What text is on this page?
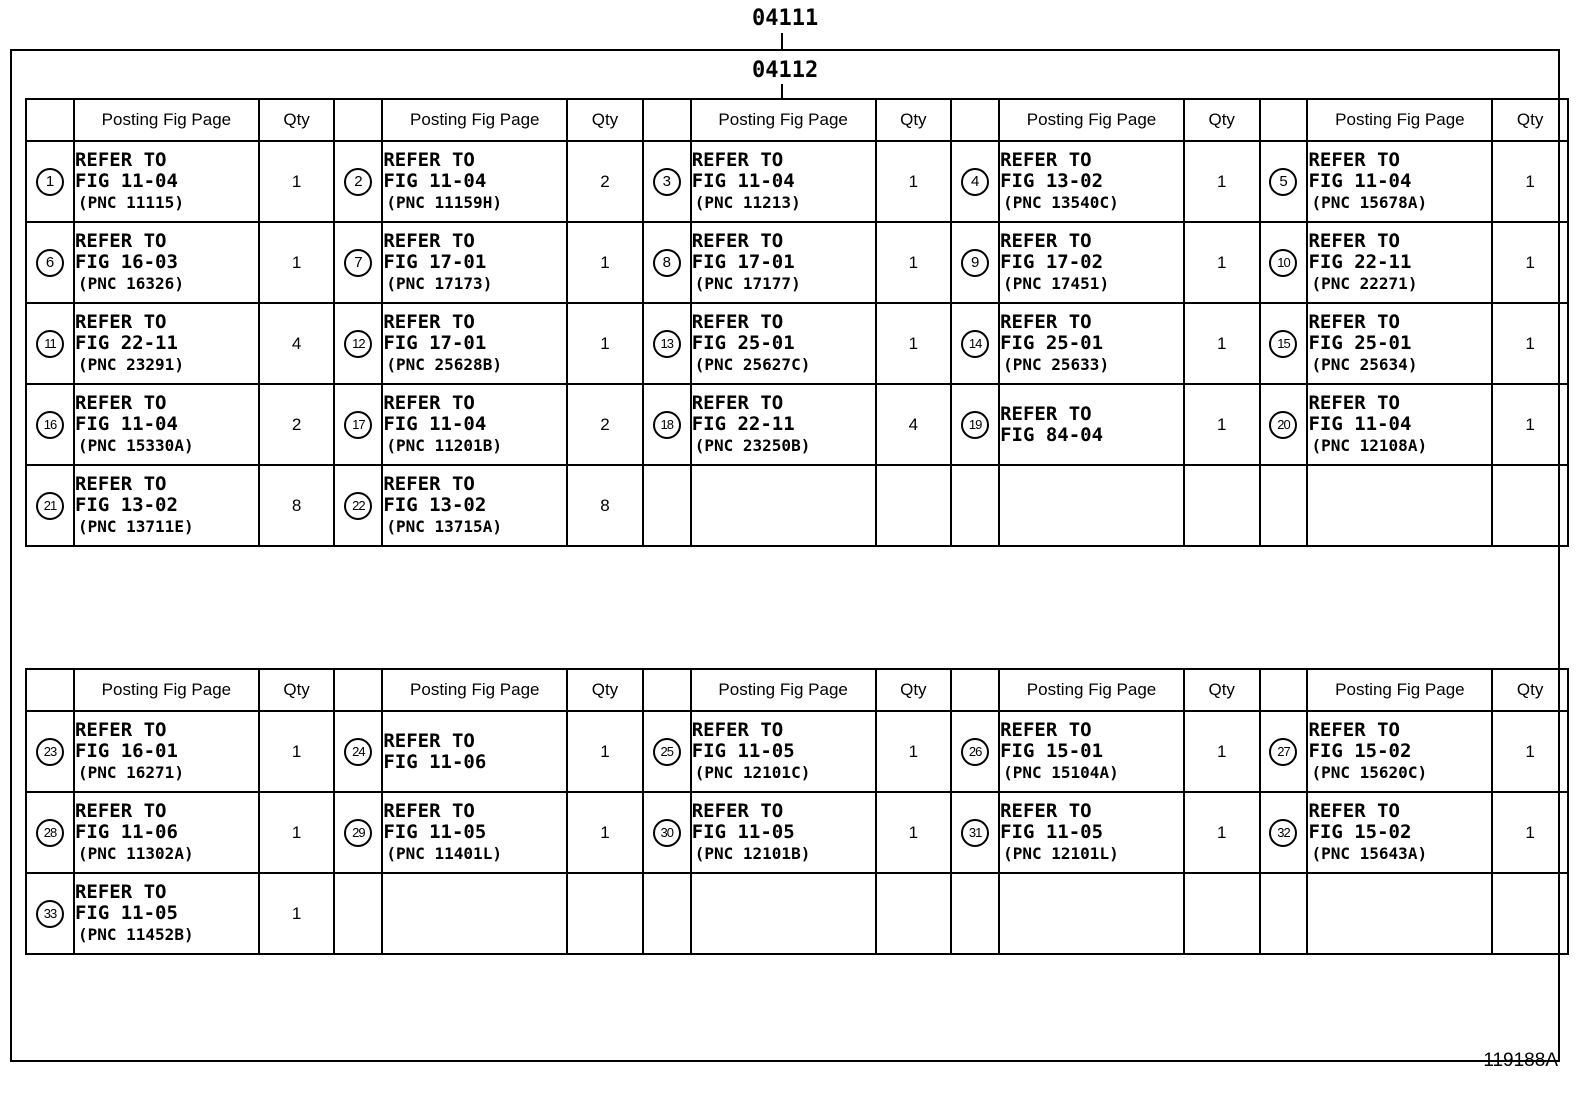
04111
04112
	Posting Fig Page	Qty		Posting Fig Page	Qty		Posting Fig Page	Qty		Posting Fig Page	Qty		Posting Fig Page	Qty
1	REFER TO
FIG 11-04
(PNC 11115)	1	2	REFER TO
FIG 11-04
(PNC 11159H)	2	3	REFER TO
FIG 11-04
(PNC 11213)	1	4	REFER TO
FIG 13-02
(PNC 13540C)	1	5	REFER TO
FIG 11-04
(PNC 15678A)	1
6	REFER TO
FIG 16-03
(PNC 16326)	1	7	REFER TO
FIG 17-01
(PNC 17173)	1	8	REFER TO
FIG 17-01
(PNC 17177)	1	9	REFER TO
FIG 17-02
(PNC 17451)	1	10	REFER TO
FIG 22-11
(PNC 22271)	1
11	REFER TO
FIG 22-11
(PNC 23291)	4	12	REFER TO
FIG 17-01
(PNC 25628B)	1	13	REFER TO
FIG 25-01
(PNC 25627C)	1	14	REFER TO
FIG 25-01
(PNC 25633)	1	15	REFER TO
FIG 25-01
(PNC 25634)	1
16	REFER TO
FIG 11-04
(PNC 15330A)	2	17	REFER TO
FIG 11-04
(PNC 11201B)	2	18	REFER TO
FIG 22-11
(PNC 23250B)	4	19	REFER TO
FIG 84-04	1	20	REFER TO
FIG 11-04
(PNC 12108A)	1
21	REFER TO
FIG 13-02
(PNC 13711E)	8	22	REFER TO
FIG 13-02
(PNC 13715A)	8									
	Posting Fig Page	Qty		Posting Fig Page	Qty		Posting Fig Page	Qty		Posting Fig Page	Qty		Posting Fig Page	Qty
23	REFER TO
FIG 16-01
(PNC 16271)	1	24	REFER TO
FIG 11-06	1	25	REFER TO
FIG 11-05
(PNC 12101C)	1	26	REFER TO
FIG 15-01
(PNC 15104A)	1	27	REFER TO
FIG 15-02
(PNC 15620C)	1
28	REFER TO
FIG 11-06
(PNC 11302A)	1	29	REFER TO
FIG 11-05
(PNC 11401L)	1	30	REFER TO
FIG 11-05
(PNC 12101B)	1	31	REFER TO
FIG 11-05
(PNC 12101L)	1	32	REFER TO
FIG 15-02
(PNC 15643A)	1
33	REFER TO
FIG 11-05
(PNC 11452B)	1												
119188A
